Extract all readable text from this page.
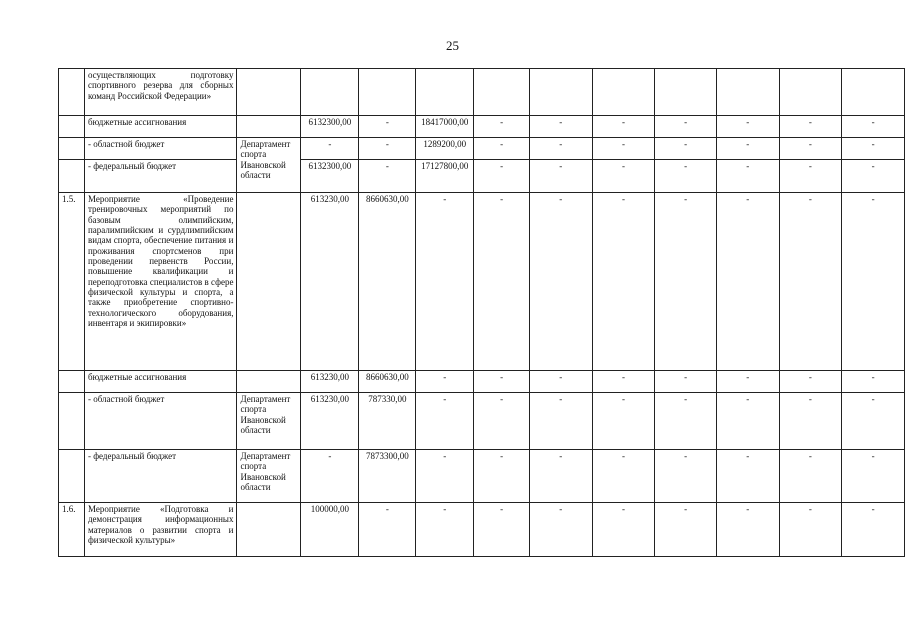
25
	осуществляющих подготовку спортивного резерва для сборных команд Российской Федерации»											
	бюджетные ассигнования		6132300,00	-	18417000,00	-	-	-	-	-	-	-
	- областной бюджет	Департамент спорта Ивановской области	-	-	1289200,00	-	-	-	-	-	-	-
	- федеральный бюджет		6132300,00	-	17127800,00	-	-	-	-	-	-	-
1.5.	Мероприятие «Проведение тренировочных мероприятий по базовым олимпийским, паралимпийским и сурдлимпийским видам спорта, обеспечение питания и проживания спортсменов при проведении первенств России, повышение квалификации и переподготовка специалистов в сфере физической культуры и спорта, а также приобретение спортивно-технологического оборудования, инвентаря и экипировки»		613230,00	8660630,00	-	-	-	-	-	-	-	-
	бюджетные ассигнования		613230,00	8660630,00	-	-	-	-	-	-	-	-
	- областной бюджет	Департамент спорта Ивановской области	613230,00	787330,00	-	-	-	-	-	-	-	-
	- федеральный бюджет	Департамент спорта Ивановской области	-	7873300,00	-	-	-	-	-	-	-	-
1.6.	Мероприятие «Подготовка и демонстрация информационных материалов о развитии спорта и физической культуры»		100000,00	-	-	-	-	-	-	-	-	-
